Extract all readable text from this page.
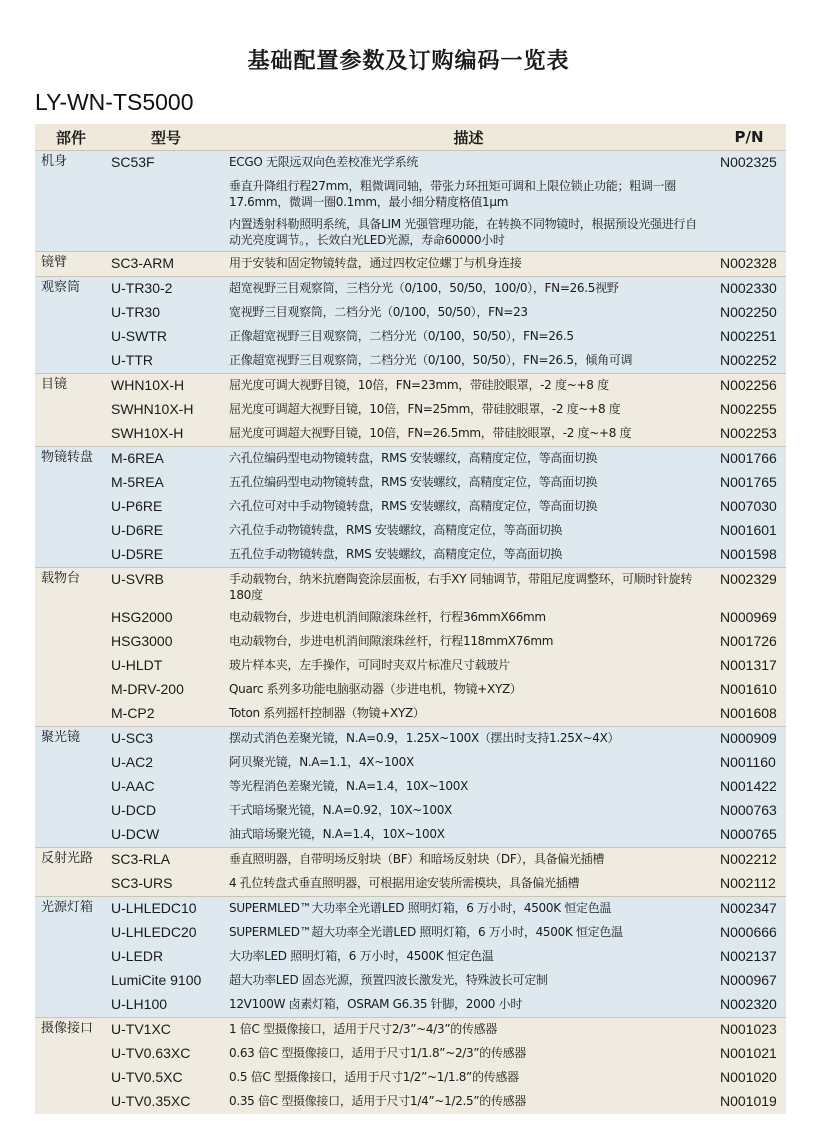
基础配置参数及订购编码一览表
LY-WN-TS5000
部件	型号	描述	P/N
机身	SC53F	ECGO 无限远双向色差校准光学系统	N002325
		垂直升降组行程27mm，粗微调同轴，带张力环扭矩可调和上限位锁止功能；粗调一圈17.6mm，微调一圈0.1mm，最小细分精度格值1μm	
		内置透射科勒照明系统，具备LIM 光强管理功能，在转换不同物镜时，根据预设光强进行自动光亮度调节。，长效白光LED光源，寿命60000小时	
镜臂	SC3-ARM	用于安装和固定物镜转盘，通过四枚定位螺丁与机身连接	N002328
观察筒	U-TR30-2	超宽视野三目观察筒，三档分光（0/100，50/50，100/0），FN=26.5视野	N002330
	U-TR30	宽视野三目观察筒，二档分光（0/100，50/50），FN=23	N002250
	U-SWTR	正像超宽视野三目观察筒，二档分光（0/100，50/50），FN=26.5	N002251
	U-TTR	正像超宽视野三目观察筒，二档分光（0/100，50/50），FN=26.5，倾角可调	N002252
目镜	WHN10X-H	屈光度可调大视野目镜，10倍，FN=23mm，带硅胶眼罩，-2 度~+8 度	N002256
	SWHN10X-H	屈光度可调超大视野目镜，10倍，FN=25mm，带硅胶眼罩，-2 度~+8 度	N002255
	SWH10X-H	屈光度可调超大视野目镜，10倍，FN=26.5mm，带硅胶眼罩，-2 度~+8 度	N002253
物镜转盘	M-6REA	六孔位编码型电动物镜转盘，RMS 安装螺纹，高精度定位，等高面切换	N001766
	M-5REA	五孔位编码型电动物镜转盘，RMS 安装螺纹，高精度定位，等高面切换	N001765
	U-P6RE	六孔位可对中手动物镜转盘，RMS 安装螺纹，高精度定位，等高面切换	N007030
	U-D6RE	六孔位手动物镜转盘，RMS 安装螺纹，高精度定位，等高面切换	N001601
	U-D5RE	五孔位手动物镜转盘，RMS 安装螺纹，高精度定位，等高面切换	N001598
载物台	U-SVRB	手动载物台，纳米抗磨陶瓷涂层面板，右手XY 同轴调节，带阻尼度调整环，可顺时针旋转180度	N002329
	HSG2000	电动载物台，步进电机消间隙滚珠丝杆，行程36mmX66mm	N000969
	HSG3000	电动载物台，步进电机消间隙滚珠丝杆，行程118mmX76mm	N001726
	U-HLDT	玻片样本夹，左手操作，可同时夹双片标准尺寸载玻片	N001317
	M-DRV-200	Quarc 系列多功能电脑驱动器（步进电机，物镜+XYZ）	N001610
	M-CP2	Toton 系列摇杆控制器（物镜+XYZ）	N001608
聚光镜	U-SC3	摆动式消色差聚光镜，N.A=0.9，1.25X~100X（摆出时支持1.25X~4X）	N000909
	U-AC2	阿贝聚光镜，N.A=1.1，4X~100X	N001160
	U-AAC	等光程消色差聚光镜，N.A=1.4，10X~100X	N001422
	U-DCD	干式暗场聚光镜，N.A=0.92，10X~100X	N000763
	U-DCW	油式暗场聚光镜，N.A=1.4，10X~100X	N000765
反射光路	SC3-RLA	垂直照明器，自带明场反射块（BF）和暗场反射块（DF），具备偏光插槽	N002212
	SC3-URS	4 孔位转盘式垂直照明器，可根据用途安装所需模块，具备偏光插槽	N002112
光源灯箱	U-LHLEDC10	SUPERMLED™大功率全光谱LED 照明灯箱，6 万小时，4500K 恒定色温	N002347
	U-LHLEDC20	SUPERMLED™超大功率全光谱LED 照明灯箱，6 万小时，4500K 恒定色温	N000666
	U-LEDR	大功率LED 照明灯箱，6 万小时，4500K 恒定色温	N002137
	LumiCite 9100	超大功率LED 固态光源，预置四波长激发光，特殊波长可定制	N000967
	U-LH100	12V100W 卤素灯箱，OSRAM G6.35 针脚，2000 小时	N002320
摄像接口	U-TV1XC	1 倍C 型摄像接口，适用于尺寸2/3”~4/3”的传感器	N001023
	U-TV0.63XC	0.63 倍C 型摄像接口，适用于尺寸1/1.8”~2/3”的传感器	N001021
	U-TV0.5XC	0.5 倍C 型摄像接口，适用于尺寸1/2”~1/1.8”的传感器	N001020
	U-TV0.35XC	0.35 倍C 型摄像接口，适用于尺寸1/4”~1/2.5”的传感器	N001019
